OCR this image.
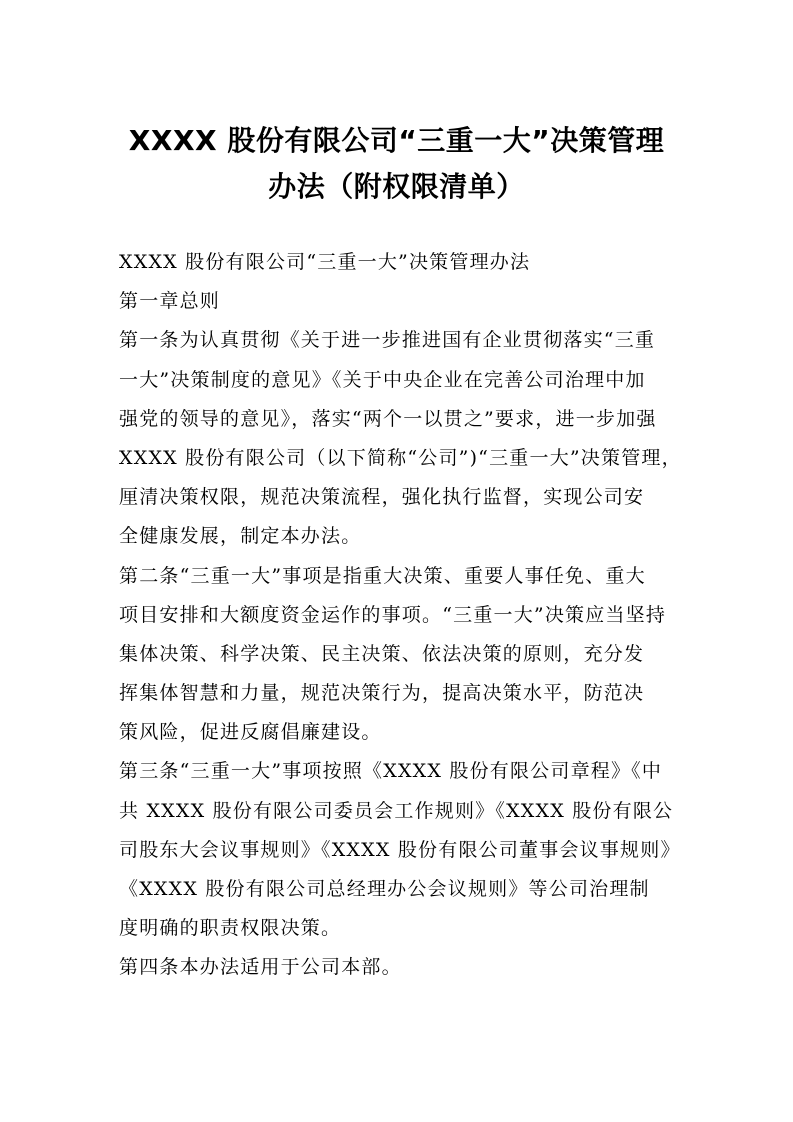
XXXX 股份有限公司“三重一大”决策管理
办法（附权限清单）
XXXX 股份有限公司“三重一大”决策管理办法
第一章总则
第一条为认真贯彻《关于进一步推进国有企业贯彻落实“三重
一大”决策制度的意见》《关于中央企业在完善公司治理中加
强党的领导的意见》，落实“两个一以贯之”要求，进一步加强
XXXX 股份有限公司（以下简称“公司”)“三重一大”决策管理，
厘清决策权限，规范决策流程，强化执行监督，实现公司安
全健康发展，制定本办法。
第二条“三重一大”事项是指重大决策、重要人事任免、重大
项目安排和大额度资金运作的事项。“三重一大”决策应当坚持
集体决策、科学决策、民主决策、依法决策的原则，充分发
挥集体智慧和力量，规范决策行为，提高决策水平，防范决
策风险，促进反腐倡廉建设。
第三条“三重一大”事项按照《XXXX 股份有限公司章程》《中
共 XXXX 股份有限公司委员会工作规则》《XXXX 股份有限公
司股东大会议事规则》《XXXX 股份有限公司董事会议事规则》
《XXXX 股份有限公司总经理办公会议规则》等公司治理制
度明确的职责权限决策。
第四条本办法适用于公司本部。
